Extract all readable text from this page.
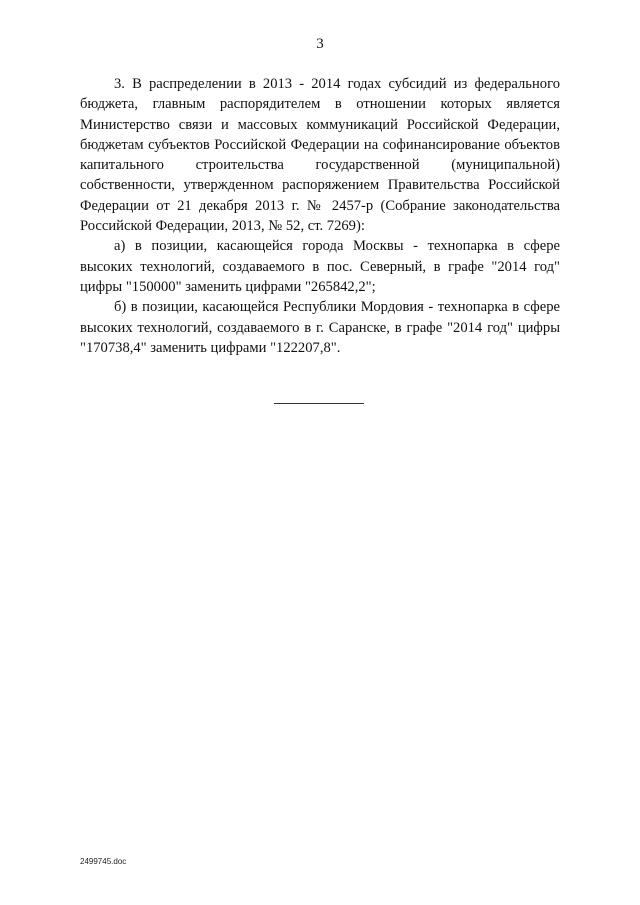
3

3. В распределении в 2013 - 2014 годах субсидий из федерального бюджета, главным распорядителем в отношении которых является Министерство связи и массовых коммуникаций Российской Федерации, бюджетам субъектов Российской Федерации на софинансирование объектов капитального строительства государственной (муниципальной) собственности, утвержденном распоряжением Правительства Российской Федерации от 21 декабря 2013 г. № 2457-р (Собрание законодательства Российской Федерации, 2013, № 52, ст. 7269):

а) в позиции, касающейся города Москвы - технопарка в сфере высоких технологий, создаваемого в пос. Северный, в графе "2014 год" цифры "150000" заменить цифрами "265842,2";

б) в позиции, касающейся Республики Мордовия - технопарка в сфере высоких технологий, создаваемого в г. Саранске, в графе "2014 год" цифры "170738,4" заменить цифрами "122207,8".

2499745.doc
